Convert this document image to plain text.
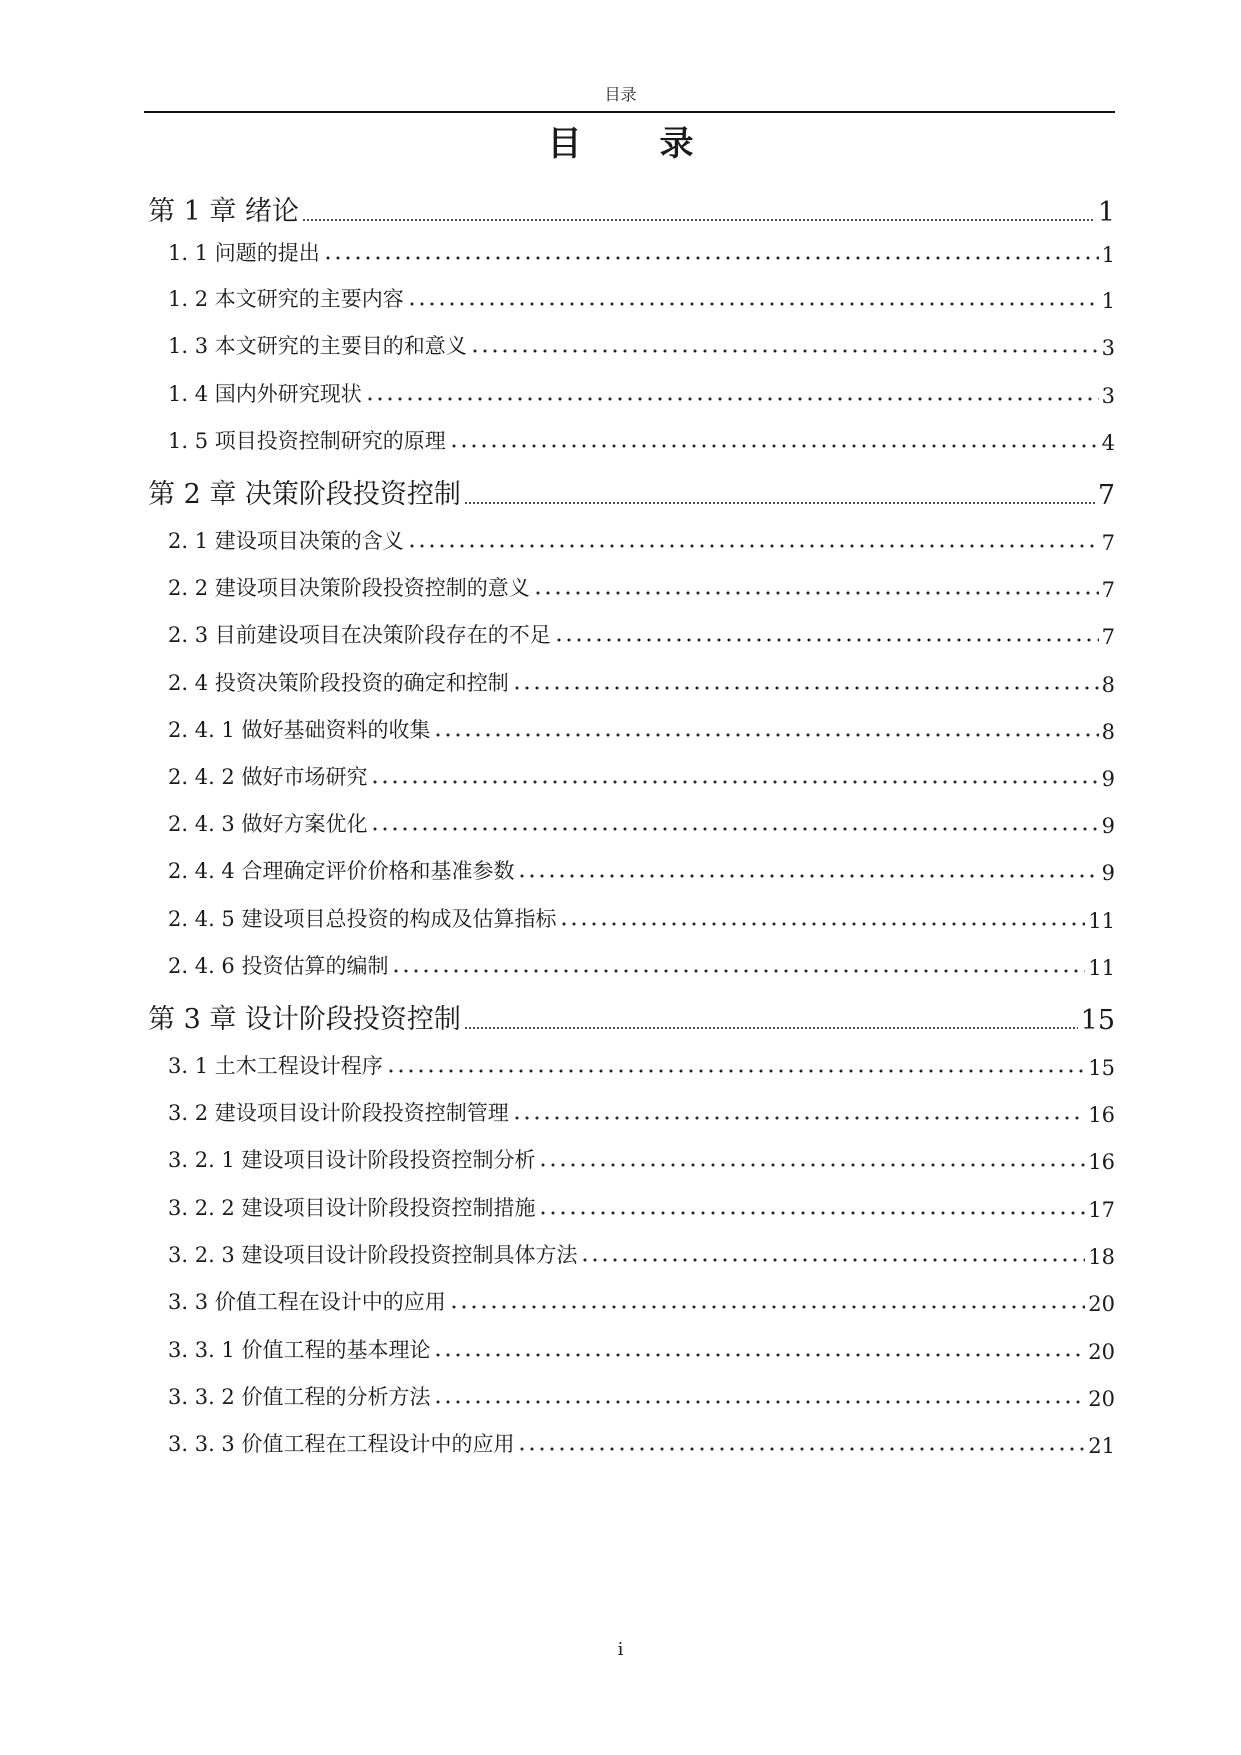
目录
目　录
第 1 章 绪论	1
1. 1 问题的提出	1
1. 2 本文研究的主要内容	1
1. 3 本文研究的主要目的和意义	3
1. 4 国内外研究现状	3
1. 5 项目投资控制研究的原理	4
第 2 章 决策阶段投资控制	7
2. 1 建设项目决策的含义	7
2. 2 建设项目决策阶段投资控制的意义	7
2. 3 目前建设项目在决策阶段存在的不足	7
2. 4 投资决策阶段投资的确定和控制	8
2. 4. 1 做好基础资料的收集	8
2. 4. 2 做好市场研究	9
2. 4. 3 做好方案优化	9
2. 4. 4 合理确定评价价格和基准参数	9
2. 4. 5 建设项目总投资的构成及估算指标	11
2. 4. 6 投资估算的编制	11
第 3 章 设计阶段投资控制	15
3. 1 土木工程设计程序	15
3. 2 建设项目设计阶段投资控制管理	16
3. 2. 1 建设项目设计阶段投资控制分析	16
3. 2. 2 建设项目设计阶段投资控制措施	17
3. 2. 3 建设项目设计阶段投资控制具体方法	18
3. 3 价值工程在设计中的应用	20
3. 3. 1 价值工程的基本理论	20
3. 3. 2 价值工程的分析方法	20
3. 3. 3 价值工程在工程设计中的应用	21
i
